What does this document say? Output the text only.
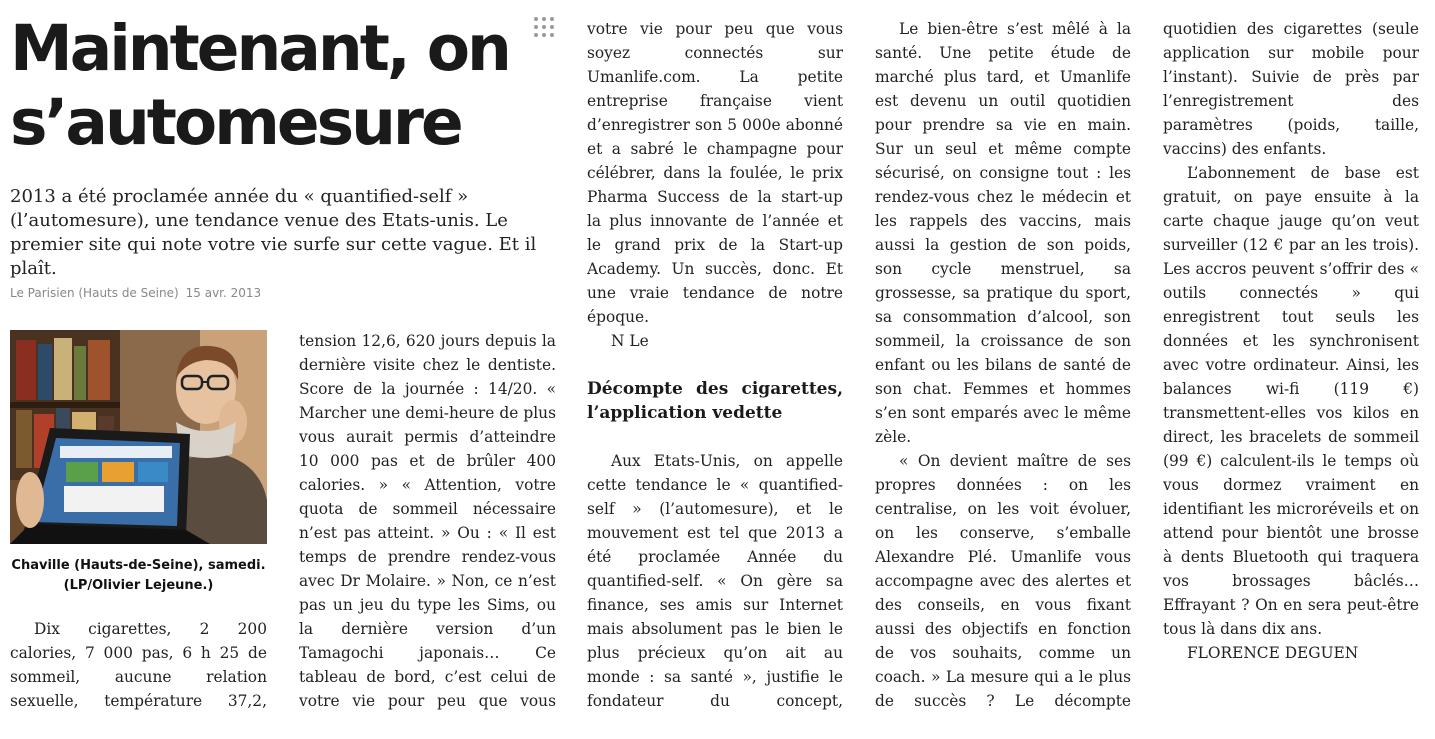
Maintenant, on s’automesure

2013 a été proclamée année du « quantified-self » (l’automesure), une tendance venue des Etats-unis. Le premier site qui note votre vie surfe sur cette vague. Et il plaît.

Le Parisien (Hauts de Seine) 15 avr. 2013

Chaville (Hauts-de-Seine), samedi. (LP/Olivier Lejeune.)

Dix cigarettes, 2 200 calories, 7 000 pas, 6 h 25 de sommeil, aucune relation sexuelle, température 37,2,

tension 12,6, 620 jours depuis la dernière visite chez le dentiste. Score de la journée : 14/20. « Marcher une demi-heure de plus vous aurait permis d’atteindre 10 000 pas et de brûler 400 calories. » « Attention, votre quota de sommeil nécessaire n’est pas atteint. » Ou : « Il est temps de prendre rendez-vous avec Dr Molaire. » Non, ce n’est pas un jeu du type les Sims, ou la dernière version d’un Tamagochi japonais… Ce tableau de bord, c’est celui de votre vie pour peu que vous

votre vie pour peu que vous soyez connectés sur Umanlife.com. La petite entreprise française vient d’enregistrer son 5 000e abonné et a sabré le champagne pour célébrer, dans la foulée, le prix Pharma Success de la start-up la plus innovante de l’année et le grand prix de la Start-up Academy. Un succès, donc. Et une vraie tendance de notre époque.

N Le

Décompte des cigarettes, l’application vedette

Aux Etats-Unis, on appelle cette tendance le « quantified-self » (l’automesure), et le mouvement est tel que 2013 a été proclamée Année du quantified-self. « On gère sa finance, ses amis sur Internet mais absolument pas le bien le plus précieux qu’on ait au monde : sa santé », justifie le fondateur du concept,

Le bien-être s’est mêlé à la santé. Une petite étude de marché plus tard, et Umanlife est devenu un outil quotidien pour prendre sa vie en main. Sur un seul et même compte sécurisé, on consigne tout : les rendez-vous chez le médecin et les rappels des vaccins, mais aussi la gestion de son poids, son cycle menstruel, sa grossesse, sa pratique du sport, sa consommation d’alcool, son sommeil, la croissance de son enfant ou les bilans de santé de son chat. Femmes et hommes s’en sont emparés avec le même zèle.

« On devient maître de ses propres données : on les centralise, on les voit évoluer, on les conserve, s’emballe Alexandre Plé. Umanlife vous accompagne avec des alertes et des conseils, en vous fixant aussi des objectifs en fonction de vos souhaits, comme un coach. » La mesure qui a le plus de succès ? Le décompte

quotidien des cigarettes (seule application sur mobile pour l’instant). Suivie de près par l’enregistrement des paramètres (poids, taille, vaccins) des enfants.

L’abonnement de base est gratuit, on paye ensuite à la carte chaque jauge qu’on veut surveiller (12 € par an les trois). Les accros peuvent s’offrir des « outils connectés » qui enregistrent tout seuls les données et les synchronisent avec votre ordinateur. Ainsi, les balances wi-fi (119 €) transmettent-elles vos kilos en direct, les bracelets de sommeil (99 €) calculent-ils le temps où vous dormez vraiment en identifiant les microréveils et on attend pour bientôt une brosse à dents Bluetooth qui traquera vos brossages bâclés… Effrayant ? On en sera peut-être tous là dans dix ans.

FLORENCE DEGUEN
